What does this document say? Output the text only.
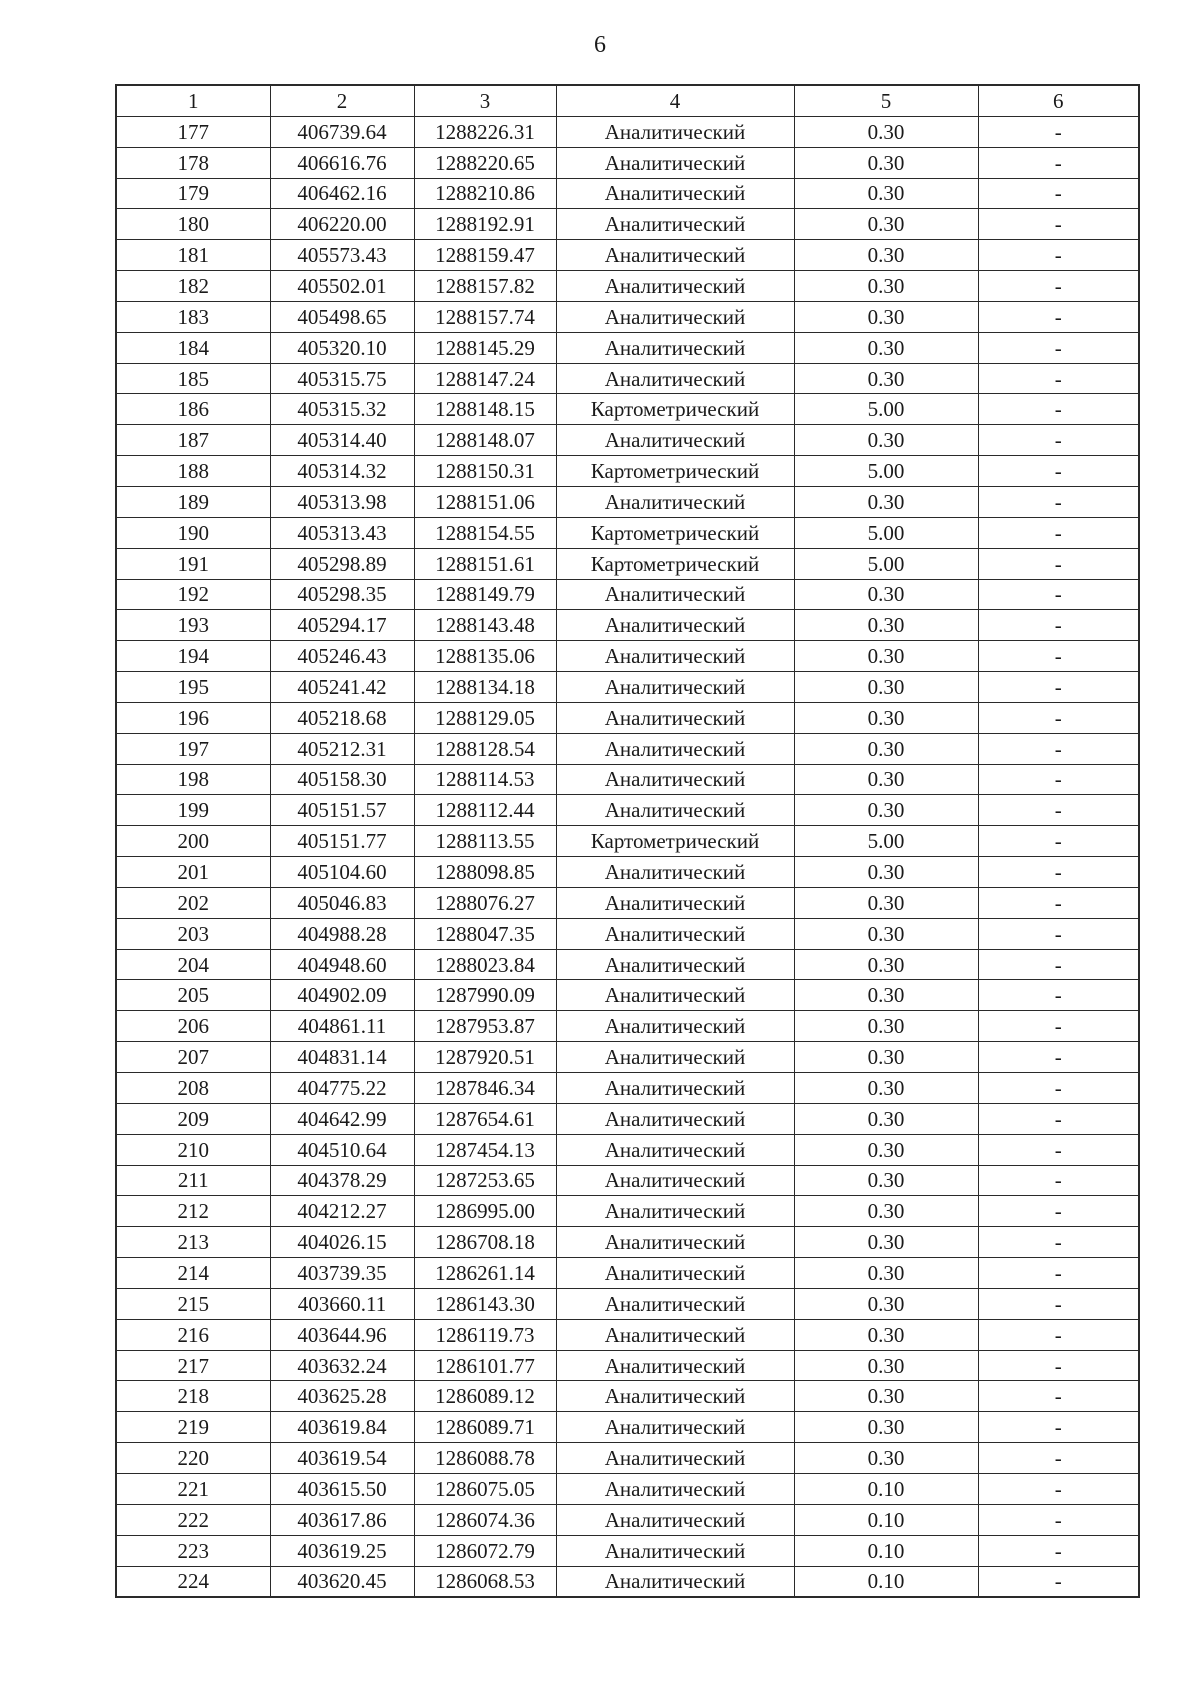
6
1	2	3	4	5	6
177	406739.64	1288226.31	Аналитический	0.30	-
178	406616.76	1288220.65	Аналитический	0.30	-
179	406462.16	1288210.86	Аналитический	0.30	-
180	406220.00	1288192.91	Аналитический	0.30	-
181	405573.43	1288159.47	Аналитический	0.30	-
182	405502.01	1288157.82	Аналитический	0.30	-
183	405498.65	1288157.74	Аналитический	0.30	-
184	405320.10	1288145.29	Аналитический	0.30	-
185	405315.75	1288147.24	Аналитический	0.30	-
186	405315.32	1288148.15	Картометрический	5.00	-
187	405314.40	1288148.07	Аналитический	0.30	-
188	405314.32	1288150.31	Картометрический	5.00	-
189	405313.98	1288151.06	Аналитический	0.30	-
190	405313.43	1288154.55	Картометрический	5.00	-
191	405298.89	1288151.61	Картометрический	5.00	-
192	405298.35	1288149.79	Аналитический	0.30	-
193	405294.17	1288143.48	Аналитический	0.30	-
194	405246.43	1288135.06	Аналитический	0.30	-
195	405241.42	1288134.18	Аналитический	0.30	-
196	405218.68	1288129.05	Аналитический	0.30	-
197	405212.31	1288128.54	Аналитический	0.30	-
198	405158.30	1288114.53	Аналитический	0.30	-
199	405151.57	1288112.44	Аналитический	0.30	-
200	405151.77	1288113.55	Картометрический	5.00	-
201	405104.60	1288098.85	Аналитический	0.30	-
202	405046.83	1288076.27	Аналитический	0.30	-
203	404988.28	1288047.35	Аналитический	0.30	-
204	404948.60	1288023.84	Аналитический	0.30	-
205	404902.09	1287990.09	Аналитический	0.30	-
206	404861.11	1287953.87	Аналитический	0.30	-
207	404831.14	1287920.51	Аналитический	0.30	-
208	404775.22	1287846.34	Аналитический	0.30	-
209	404642.99	1287654.61	Аналитический	0.30	-
210	404510.64	1287454.13	Аналитический	0.30	-
211	404378.29	1287253.65	Аналитический	0.30	-
212	404212.27	1286995.00	Аналитический	0.30	-
213	404026.15	1286708.18	Аналитический	0.30	-
214	403739.35	1286261.14	Аналитический	0.30	-
215	403660.11	1286143.30	Аналитический	0.30	-
216	403644.96	1286119.73	Аналитический	0.30	-
217	403632.24	1286101.77	Аналитический	0.30	-
218	403625.28	1286089.12	Аналитический	0.30	-
219	403619.84	1286089.71	Аналитический	0.30	-
220	403619.54	1286088.78	Аналитический	0.30	-
221	403615.50	1286075.05	Аналитический	0.10	-
222	403617.86	1286074.36	Аналитический	0.10	-
223	403619.25	1286072.79	Аналитический	0.10	-
224	403620.45	1286068.53	Аналитический	0.10	-
